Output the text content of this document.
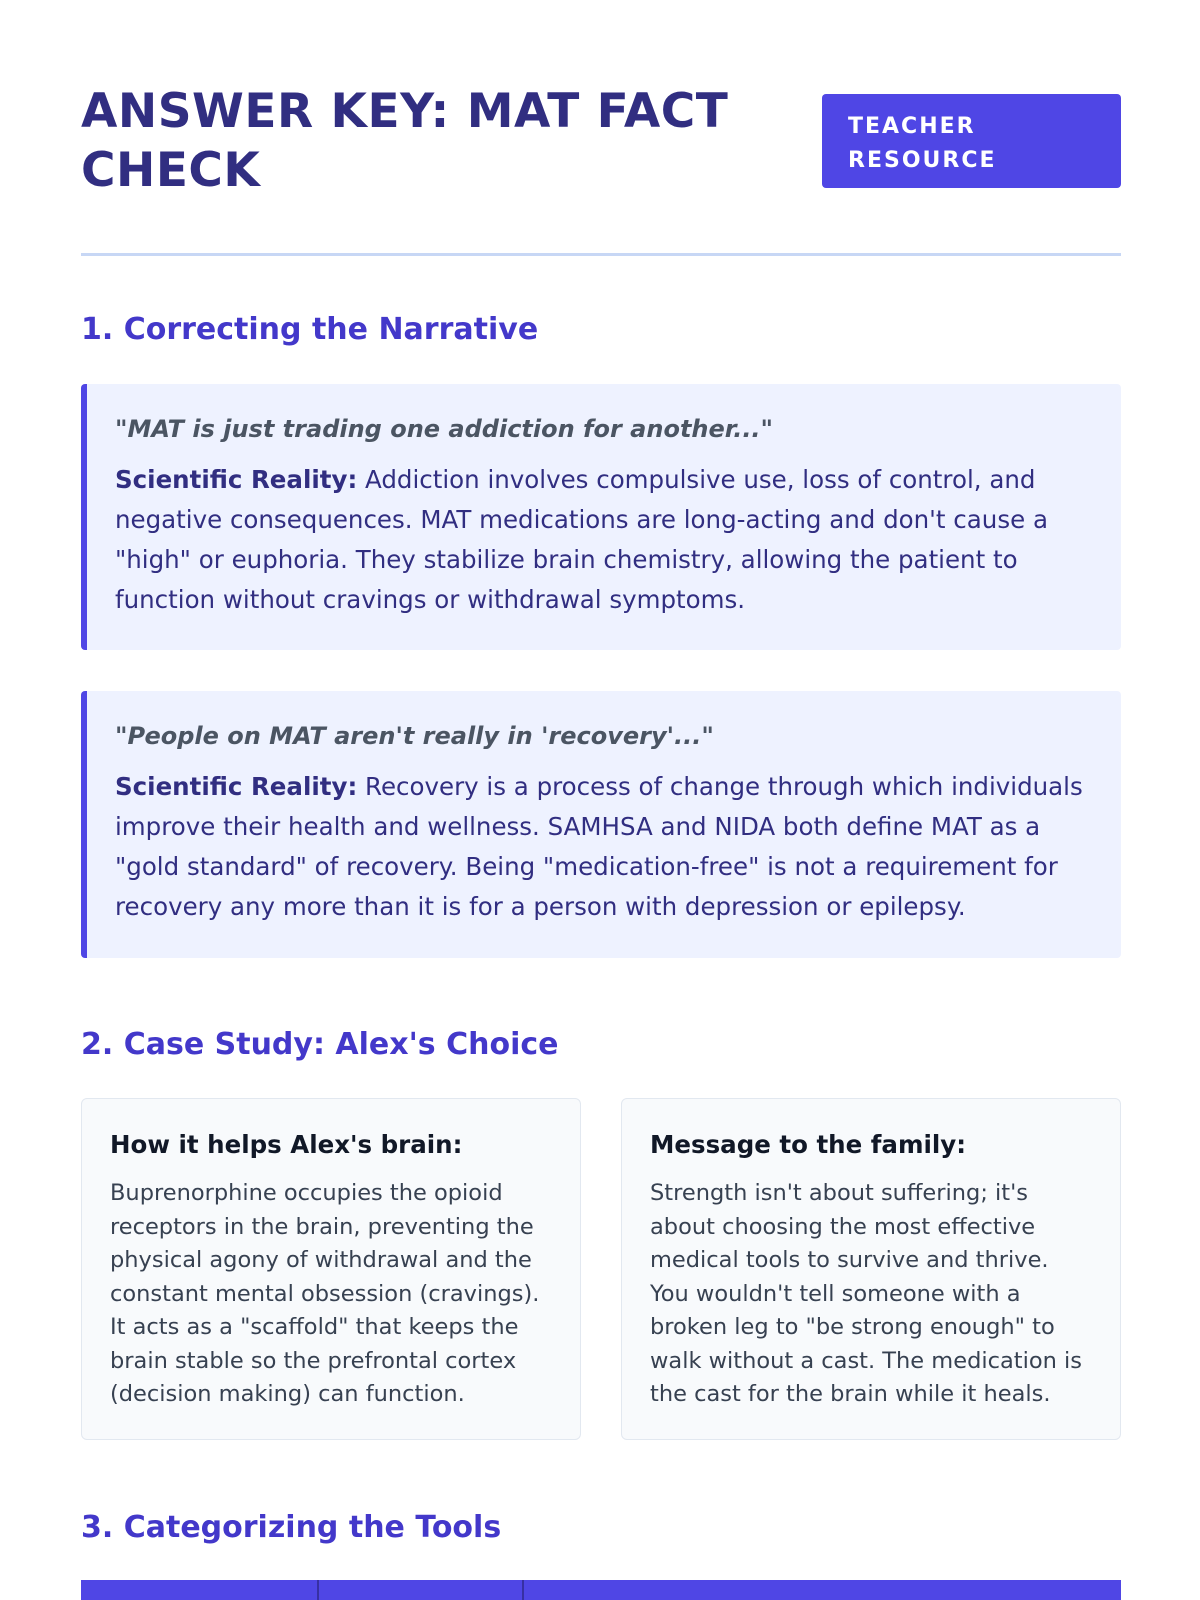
ANSWER KEY: MAT FACT CHECK
TEACHER RESOURCE
1. Correcting the Narrative
"MAT is just trading one addiction for another..."
Scientific Reality: Addiction involves compulsive use, loss of control, and negative consequences. MAT medications are long-acting and don't cause a "high" or euphoria. They stabilize brain chemistry, allowing the patient to function without cravings or withdrawal symptoms.
"People on MAT aren't really in 'recovery'..."
Scientific Reality: Recovery is a process of change through which individuals improve their health and wellness. SAMHSA and NIDA both define MAT as a "gold standard" of recovery. Being "medication-free" is not a requirement for recovery any more than it is for a person with depression or epilepsy.
2. Case Study: Alex's Choice
How it helps Alex's brain:
Buprenorphine occupies the opioid receptors in the brain, preventing the physical agony of withdrawal and the constant mental obsession (cravings). It acts as a "scaffold" that keeps the brain stable so the prefrontal cortex (decision making) can function.
Message to the family:
Strength isn't about suffering; it's about choosing the most effective medical tools to survive and thrive. You wouldn't tell someone with a broken leg to "be strong enough" to walk without a cast. The medication is the cast for the brain while it heals.
3. Categorizing the Tools
